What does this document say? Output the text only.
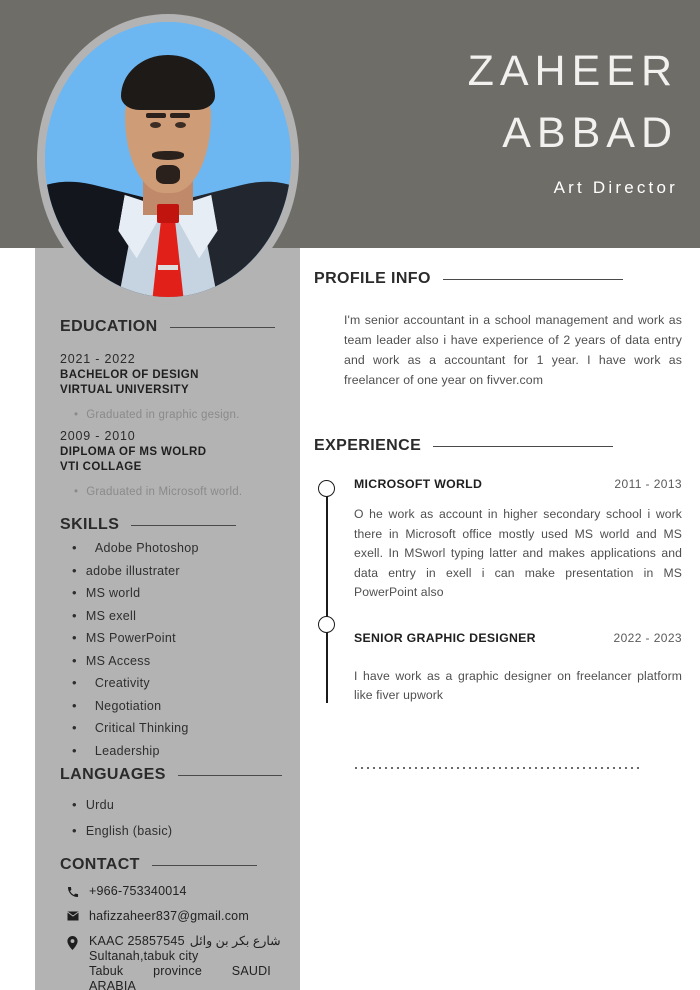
ZAHEER
ABBAD
Art Director
EDUCATION
2021 - 2022
BACHELOR OF DESIGN
VIRTUAL UNIVERSITY
• Graduated in graphic gesign.
2009 - 2010
DIPLOMA OF MS WOLRD
VTI COLLAGE
• Graduated in Microsoft world.
SKILLS
•	Adobe Photoshop
• adobe illustrater
• MS world
• MS exell
• MS PowerPoint
• MS Access
•	Creativity
•	Negotiation
•	Critical Thinking
•	Leadership
LANGUAGES
• Urdu
• English (basic)
CONTACT
+966-753340014
hafizzaheer837@gmail.com
KAAC 25857545 شارع بكر بن وائل
Sultanah,tabuk city
Tabuk province SAUDI
ARABIA
PROFILE INFO
I'm senior accountant in a school management and work as team leader also i have experience of 2 years of data entry and work as a accountant for 1 year. I have work as freelancer of one year on fivver.com
EXPERIENCE
MICROSOFT WORLD	2011 - 2013
O he work as account in higher secondary school i work there in Microsoft office mostly used MS world and MS exell. In MSworl typing latter and makes applications and data entry in exell i can make presentation in MS PowerPoint also
SENIOR GRAPHIC DESIGNER	2022 - 2023
I have work as a graphic designer on freelancer platform like fiver upwork
حراج
